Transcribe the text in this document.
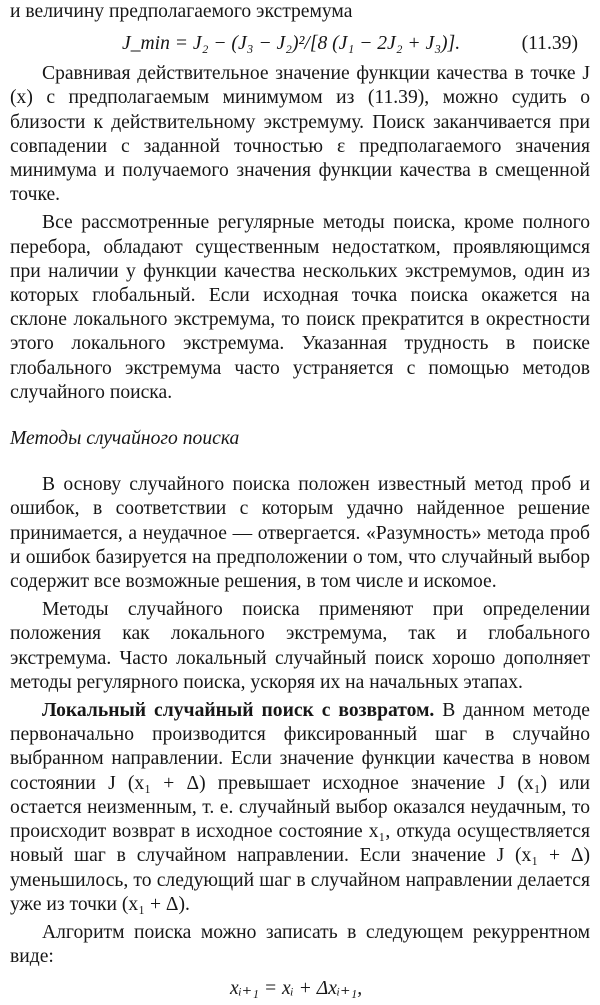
и величину предполагаемого экстремума

J_min = J₂ − (J₃ − J₂)²/[8 (J₁ − 2J₂ + J₃)].	(11.39)

Сравнивая действительное значение функции качества в точке J (x) с предполагаемым минимумом из (11.39), можно судить о близости к действительному экстремуму. Поиск заканчивается при совпадении с заданной точностью ε предполагаемого значения минимума и получаемого значения функции качества в смещенной точке.

Все рассмотренные регулярные методы поиска, кроме полного перебора, обладают существенным недостатком, проявляющимся при наличии у функции качества нескольких экстремумов, один из которых глобальный. Если исходная точка поиска окажется на склоне локального экстремума, то поиск прекратится в окрестности этого локального экстремума. Указанная трудность в поиске глобального экстремума часто устраняется с помощью методов случайного поиска.

Методы случайного поиска

В основу случайного поиска положен известный метод проб и ошибок, в соответствии с которым удачно найденное решение принимается, а неудачное — отвергается. «Разумность» метода проб и ошибок базируется на предположении о том, что случайный выбор содержит все возможные решения, в том числе и искомое.

Методы случайного поиска применяют при определении положения как локального экстремума, так и глобального экстремума. Часто локальный случайный поиск хорошо дополняет методы регулярного поиска, ускоряя их на начальных этапах.

Локальный случайный поиск с возвратом. В данном методе первоначально производится фиксированный шаг в случайно выбранном направлении. Если значение функции качества в новом состоянии J (x₁ + Δ) превышает исходное значение J (x₁) или остается неизменным, т. е. случайный выбор оказался неудачным, то происходит возврат в исходное состояние x₁, откуда осуществляется новый шаг в случайном направлении. Если значение J (x₁ + Δ) уменьшилось, то следующий шаг в случайном направлении делается уже из точки (x₁ + Δ).

Алгоритм поиска можно записать в следующем рекуррентном виде:

xᵢ₊₁ = xᵢ + Δxᵢ₊₁,
